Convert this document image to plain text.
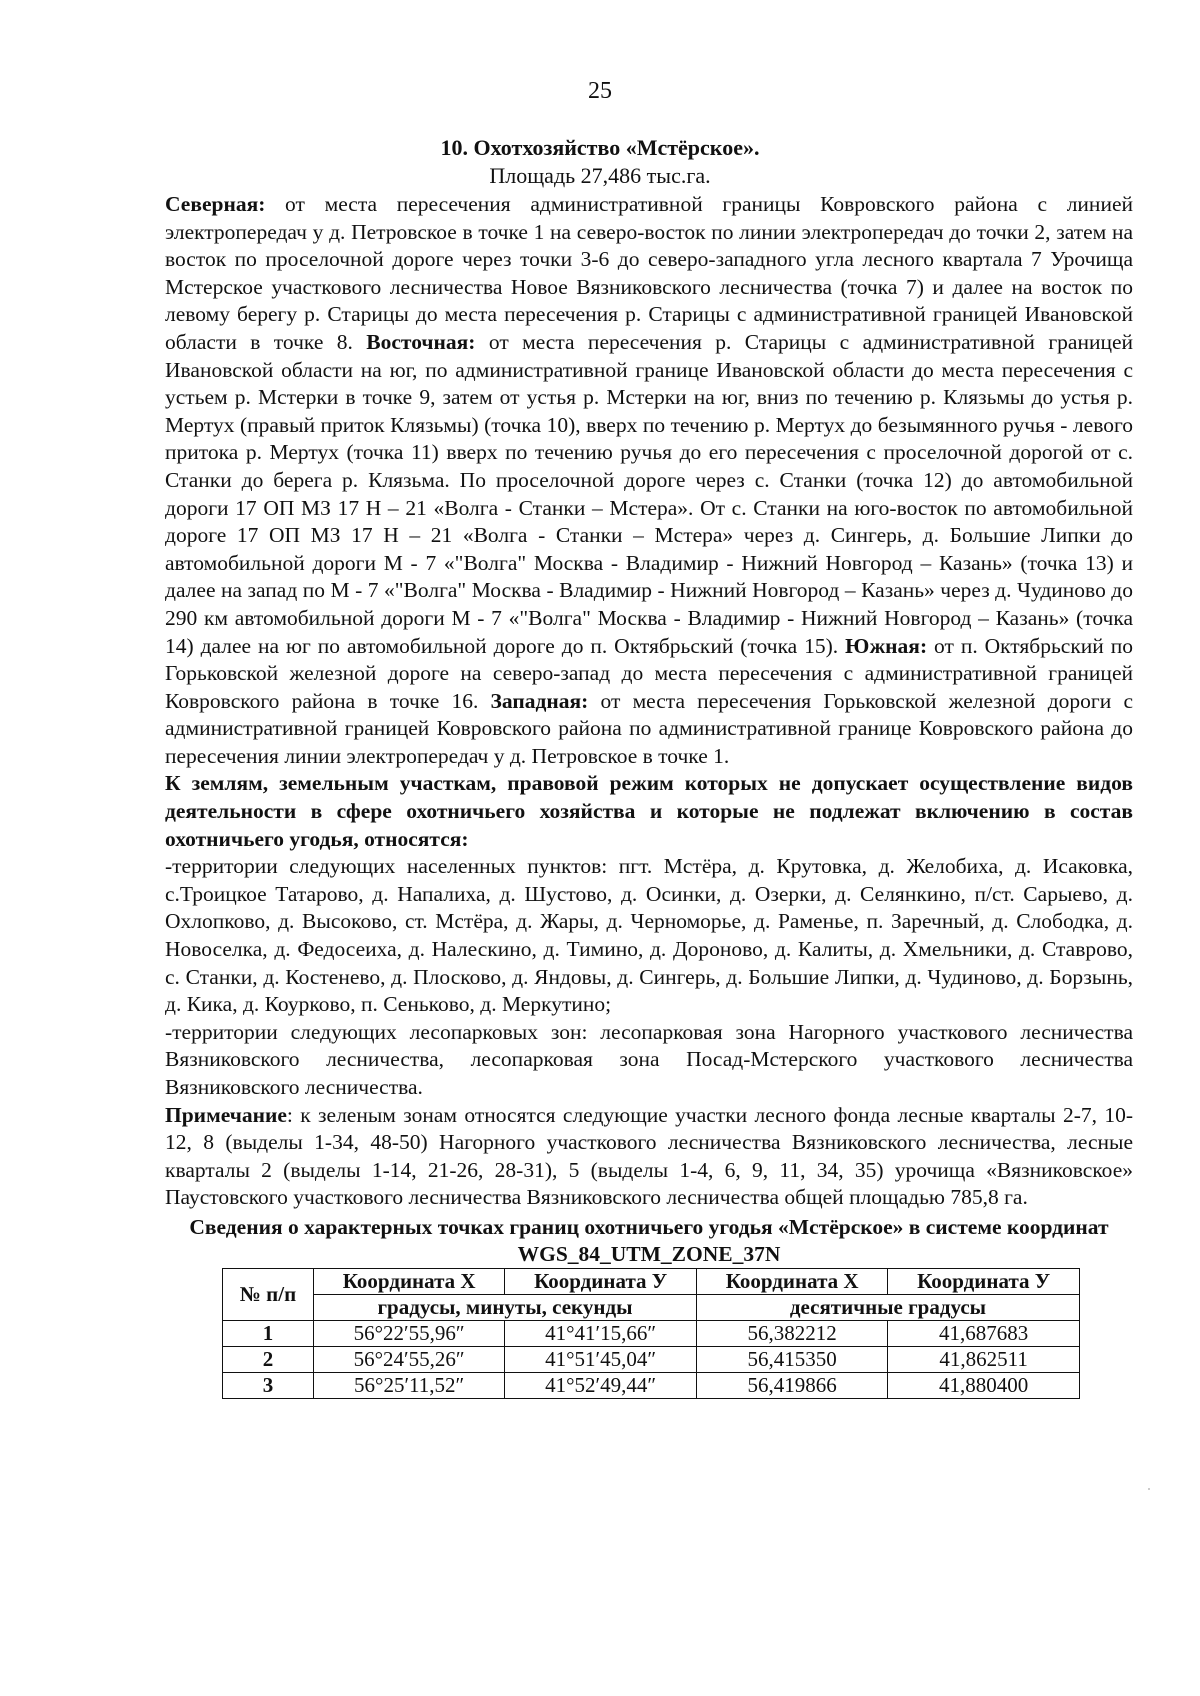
25
10. Охотхозяйство «Мстёрское».
Площадь 27,486 тыс.га.

Северная: от места пересечения административной границы Ковровского района с линией электропередач у д. Петровское в точке 1 на северо-восток по линии электропередач до точки 2, затем на восток по проселочной дороге через точки 3-6 до северо-западного угла лесного квартала 7 Урочища Мстерское участкового лесничества Новое Вязниковского лесничества (точка 7) и далее на восток по левому берегу р. Старицы до места пересечения р. Старицы с административной границей Ивановской области в точке 8. Восточная: от места пересечения р. Старицы с административной границей Ивановской области на юг, по административной границе Ивановской области до места пересечения с устьем р. Мстерки в точке 9, затем от устья р. Мстерки на юг, вниз по течению р. Клязьмы до устья р. Мертух (правый приток Клязьмы) (точка 10), вверх по течению р. Мертух до безымянного ручья - левого притока р. Мертух (точка 11) вверх по течению ручья до его пересечения с проселочной дорогой от с. Станки до берега р. Клязьма. По проселочной дороге через с. Станки (точка 12) до автомобильной дороги 17 ОП МЗ 17 Н – 21 «Волга - Станки – Мстера». От с. Станки на юго-восток по автомобильной дороге 17 ОП МЗ 17 Н – 21 «Волга - Станки – Мстера» через д. Сингерь, д. Большие Липки до автомобильной дороги М - 7 «"Волга" Москва - Владимир - Нижний Новгород – Казань» (точка 13) и далее на запад по М - 7 «"Волга" Москва - Владимир - Нижний Новгород – Казань» через д. Чудиново до 290 км автомобильной дороги М - 7 «"Волга" Москва - Владимир - Нижний Новгород – Казань» (точка 14) далее на юг по автомобильной дороге до п. Октябрьский (точка 15). Южная: от п. Октябрьский по Горьковской железной дороге на северо-запад до места пересечения с административной границей Ковровского района в точке 16. Западная: от места пересечения Горьковской железной дороги с административной границей Ковровского района по административной границе Ковровского района до пересечения линии электропередач у д. Петровское в точке 1.

К землям, земельным участкам, правовой режим которых не допускает осуществление видов деятельности в сфере охотничьего хозяйства и которые не подлежат включению в состав охотничьего угодья, относятся:

-территории следующих населенных пунктов: пгт. Мстёра, д. Крутовка, д. Желобиха, д. Исаковка, с.Троицкое Татарово, д. Напалиха, д. Шустово, д. Осинки, д. Озерки, д. Селянкино, п/ст. Сарыево, д. Охлопково, д. Высоково, ст. Мстёра, д. Жары, д. Черноморье, д. Раменье, п. Заречный, д. Слободка, д. Новоселка, д. Федосеиха, д. Налескино, д. Тимино, д. Дороново, д. Калиты, д. Хмельники, д. Ставрово, с. Станки, д. Костенево, д. Плосково, д. Яндовы, д. Сингерь, д. Большие Липки, д. Чудиново, д. Борзынь, д. Кика, д. Коурково, п. Сеньково, д. Меркутино;

-территории следующих лесопарковых зон: лесопарковая зона Нагорного участкового лесничества Вязниковского лесничества, лесопарковая зона Посад-Мстерского участкового лесничества Вязниковского лесничества.

Примечание: к зеленым зонам относятся следующие участки лесного фонда лесные кварталы 2-7, 10-12, 8 (выделы 1-34, 48-50) Нагорного участкового лесничества Вязниковского лесничества, лесные кварталы 2 (выделы 1-14, 21-26, 28-31), 5 (выделы 1-4, 6, 9, 11, 34, 35) урочища «Вязниковское» Паустовского участкового лесничества Вязниковского лесничества общей площадью 785,8 га.

Сведения о характерных точках границ охотничьего угодья «Мстёрское» в системе координат WGS_84_UTM_ZONE_37N
№ п/п	Координата X	Координата У	Координата X	Координата У
	градусы, минуты, секунды		десятичные градусы	
1	56°22′55,96″	41°41′15,66″	56,382212	41,687683
2	56°24′55,26″	41°51′45,04″	56,415350	41,862511
3	56°25′11,52″	41°52′49,44″	56,419866	41,880400
